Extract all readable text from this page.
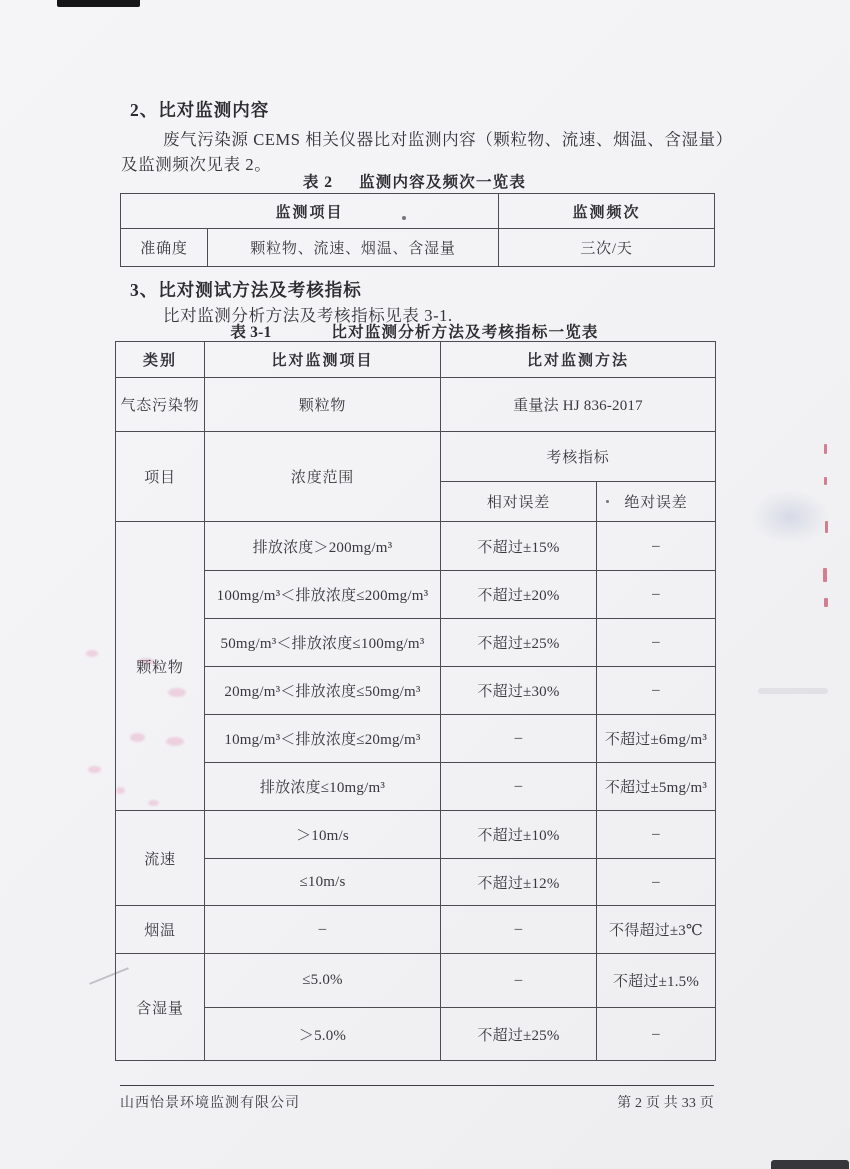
2、比对监测内容
废气污染源 CEMS 相关仪器比对监测内容（颗粒物、流速、烟温、含湿量）
及监测频次见表 2。
表 2 监测内容及频次一览表
监测项目		监测频次
准确度	颗粒物、流速、烟温、含湿量	三次/天
3、比对测试方法及考核指标
比对监测分析方法及考核指标见表 3-1.
表 3-1	比对监测分析方法及考核指标一览表
类别	比对监测项目	比对监测方法	
气态污染物	颗粒物	重量法 HJ 836-2017	
项目	浓度范围	考核指标	
		相对误差	绝对误差
颗粒物	排放浓度＞200mg/m³	不超过±15%	–
	100mg/m³＜排放浓度≤200mg/m³	不超过±20%	–
	50mg/m³＜排放浓度≤100mg/m³	不超过±25%	–
	20mg/m³＜排放浓度≤50mg/m³	不超过±30%	–
	10mg/m³＜排放浓度≤20mg/m³	–	不超过±6mg/m³
	排放浓度≤10mg/m³	–	不超过±5mg/m³
流速	＞10m/s	不超过±10%	–
	≤10m/s	不超过±12%	–
烟温	–	–	不得超过±3℃
含湿量	≤5.0%	–	不超过±1.5%
	＞5.0%	不超过±25%	–
山西怡景环境监测有限公司	第 2 页 共 33 页
